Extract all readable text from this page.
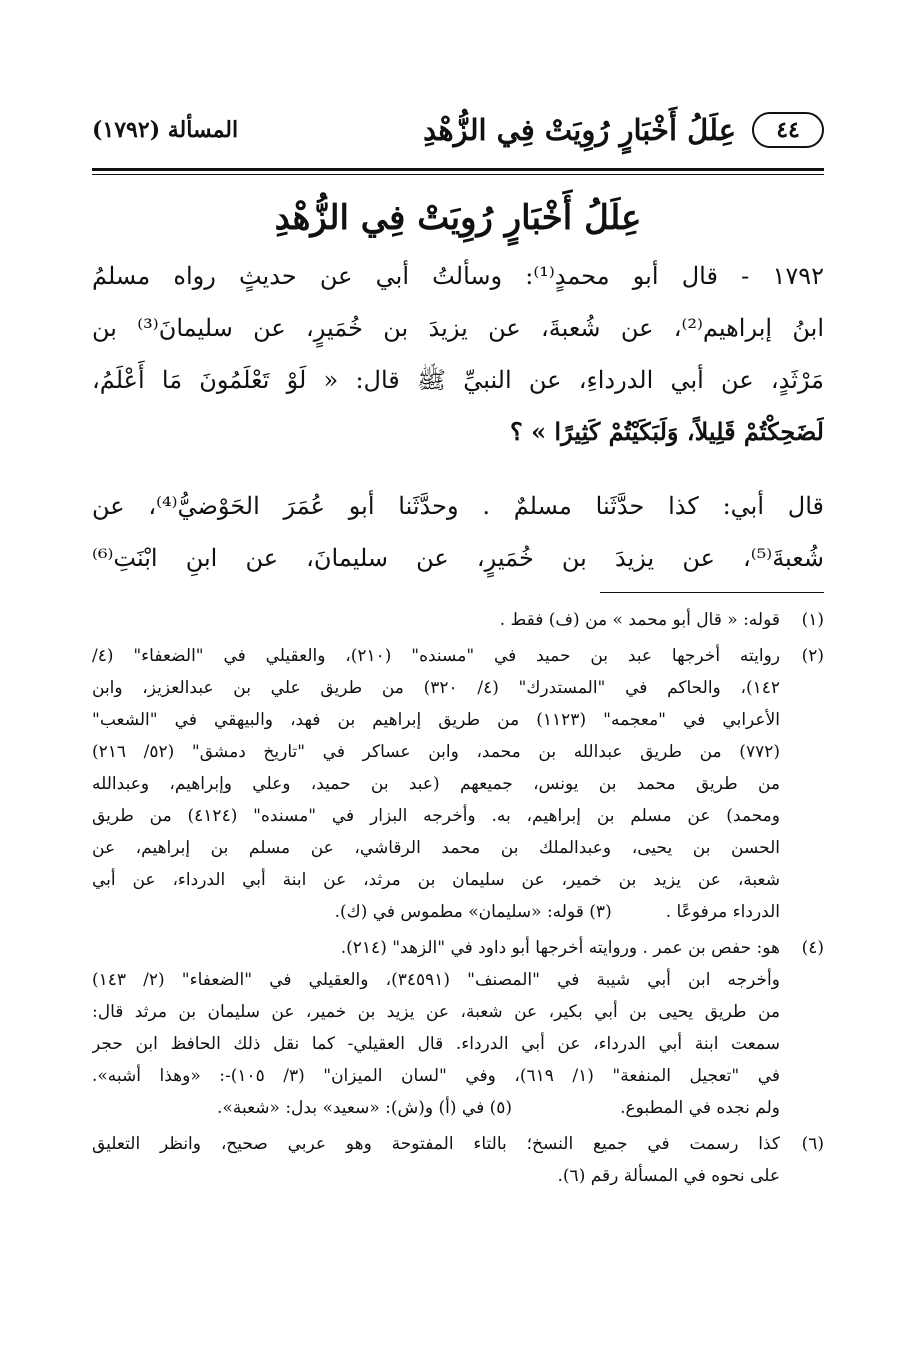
٤٤
عِلَلُ أَخْبَارٍ رُوِيَتْ فِي الزُّهْدِ
المسألة (١٧٩٢)
عِلَلُ أَخْبَارٍ رُوِيَتْ فِي الزُّهْدِ
١٧٩٢ - قال أبو محمدٍ⁽¹⁾: وسألتُ أبي عن حديثٍ رواه مسلمُ
ابنُ إبراهيم⁽²⁾، عن شُعبةَ، عن يزيدَ بن خُمَيرٍ، عن سليمانَ⁽³⁾ بن
مَرْثَدٍ، عن أبي الدرداءِ، عن النبيِّ ﷺ قال: « لَوْ تَعْلَمُونَ مَا أَعْلَمُ،
لَضَحِكْتُمْ قَلِيلاً، وَلَبَكَيْتُمْ كَثِيرًا » ؟
قال أبي: كذا حدَّثَنا مسلمٌ . وحدَّثَنا أبو عُمَرَ الحَوْضيُّ⁽⁴⁾، عن
شُعبةَ⁽⁵⁾، عن يزيدَ بن خُمَيرٍ، عن سليمانَ، عن ابنِ ابْنَتِ⁽⁶⁾
(١)
قوله: « قال أبو محمد » من (ف) فقط .
(٢)
روايته أخرجها عبد بن حميد في "مسنده" (٢١٠)، والعقيلي في "الضعفاء" (٤/
١٤٢)، والحاكم في "المستدرك" (٤/ ٣٢٠) من طريق علي بن عبدالعزيز، وابن
الأعرابي في "معجمه" (١١٢٣) من طريق إبراهيم بن فهد، والبيهقي في "الشعب"
(٧٧٢) من طريق عبدالله بن محمد، وابن عساكر في "تاريخ دمشق" (٥٢/ ٢١٦)
من طريق محمد بن يونس، جميعهم (عبد بن حميد، وعلي وإبراهيم، وعبدالله
ومحمد) عن مسلم بن إبراهيم، به. وأخرجه البزار في "مسنده" (٤١٢٤) من طريق
الحسن بن يحيى، وعبدالملك بن محمد الرقاشي، عن مسلم بن إبراهيم، عن
شعبة، عن يزيد بن خمير، عن سليمان بن مرثد، عن ابنة أبي الدرداء، عن أبي
الدرداء مرفوعًا .          (٣) قوله: «سليمان» مطموس في (ك).
(٤)
هو: حفص بن عمر . وروايته أخرجها أبو داود في "الزهد" (٢١٤).
وأخرجه ابن أبي شيبة في "المصنف" (٣٤٥٩١)، والعقيلي في "الضعفاء" (٢/ ١٤٣)
من طريق يحيى بن أبي بكير، عن شعبة، عن يزيد بن خمير، عن سليمان بن مرثد قال:
سمعت ابنة أبي الدرداء، عن أبي الدرداء. قال العقيلي- كما نقل ذلك الحافظ ابن حجر
في "تعجيل المنفعة" (١/ ٦١٩)، وفي "لسان الميزان" (٣/ ١٠٥)-: «وهذا أشبه».
ولم نجده في المطبوع.                    (٥) في (أ) و(ش): «سعيد» بدل: «شعبة».
(٦)
كذا رسمت في جميع النسخ؛ بالتاء المفتوحة وهو عربي صحيح، وانظر التعليق
على نحوه في المسألة رقم (٦).
